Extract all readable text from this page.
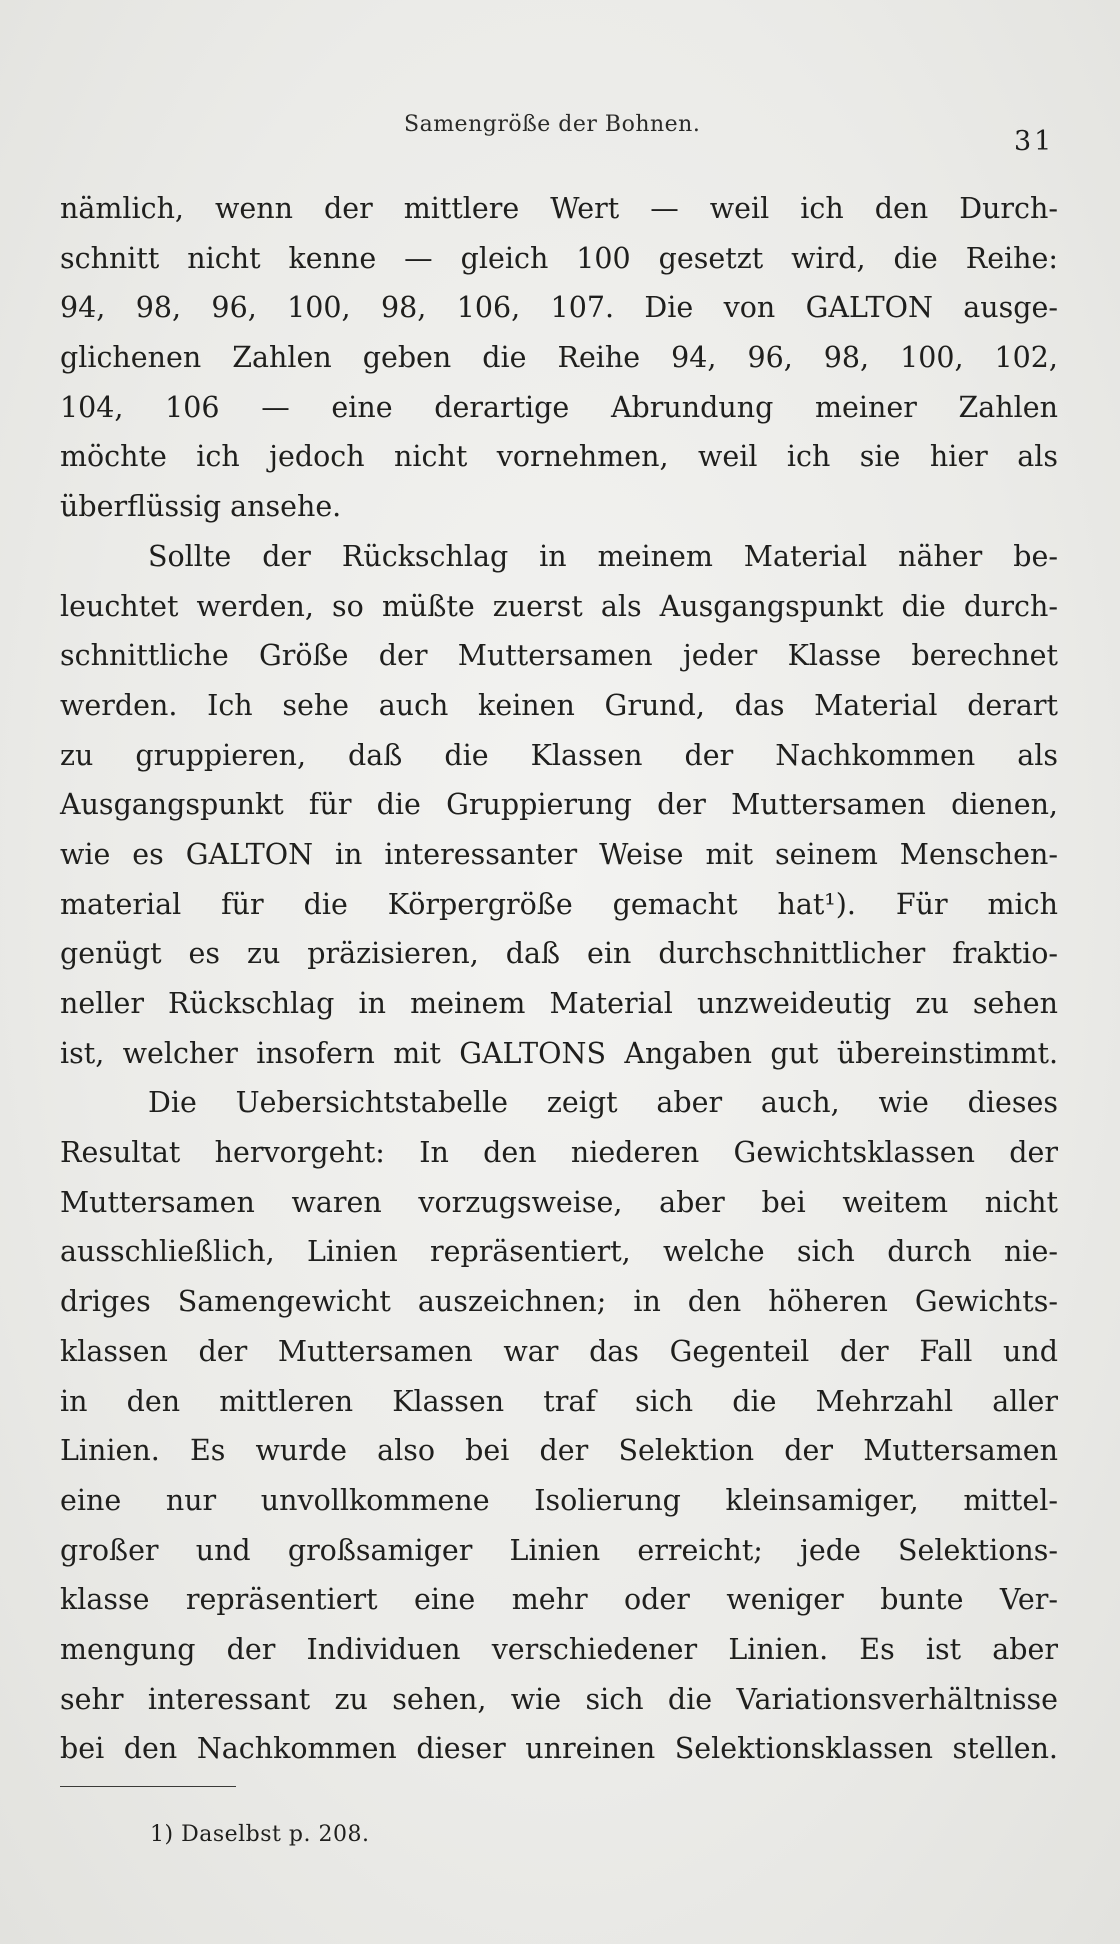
Samengröße der Bohnen.
31
nämlich, wenn der mittlere Wert — weil ich den Durch-
schnitt nicht kenne — gleich 100 gesetzt wird, die Reihe:
94, 98, 96, 100, 98, 106, 107. Die von GALTON ausge-
glichenen Zahlen geben die Reihe 94, 96, 98, 100, 102,
104, 106 — eine derartige Abrundung meiner Zahlen
möchte ich jedoch nicht vornehmen, weil ich sie hier als
überflüssig ansehe.
Sollte der Rückschlag in meinem Material näher be-
leuchtet werden, so müßte zuerst als Ausgangspunkt die durch-
schnittliche Größe der Muttersamen jeder Klasse berechnet
werden. Ich sehe auch keinen Grund, das Material derart
zu gruppieren, daß die Klassen der Nachkommen als
Ausgangspunkt für die Gruppierung der Muttersamen dienen,
wie es GALTON in interessanter Weise mit seinem Menschen-
material für die Körpergröße gemacht hat¹). Für mich
genügt es zu präzisieren, daß ein durchschnittlicher fraktio-
neller Rückschlag in meinem Material unzweideutig zu sehen
ist, welcher insofern mit GALTONS Angaben gut übereinstimmt.
Die Uebersichtstabelle zeigt aber auch, wie dieses
Resultat hervorgeht: In den niederen Gewichtsklassen der
Muttersamen waren vorzugsweise, aber bei weitem nicht
ausschließlich, Linien repräsentiert, welche sich durch nie-
driges Samengewicht auszeichnen; in den höheren Gewichts-
klassen der Muttersamen war das Gegenteil der Fall und
in den mittleren Klassen traf sich die Mehrzahl aller
Linien. Es wurde also bei der Selektion der Muttersamen
eine nur unvollkommene Isolierung kleinsamiger, mittel-
großer und großsamiger Linien erreicht; jede Selektions-
klasse repräsentiert eine mehr oder weniger bunte Ver-
mengung der Individuen verschiedener Linien. Es ist aber
sehr interessant zu sehen, wie sich die Variationsverhältnisse
bei den Nachkommen dieser unreinen Selektionsklassen stellen.
1) Daselbst p. 208.
